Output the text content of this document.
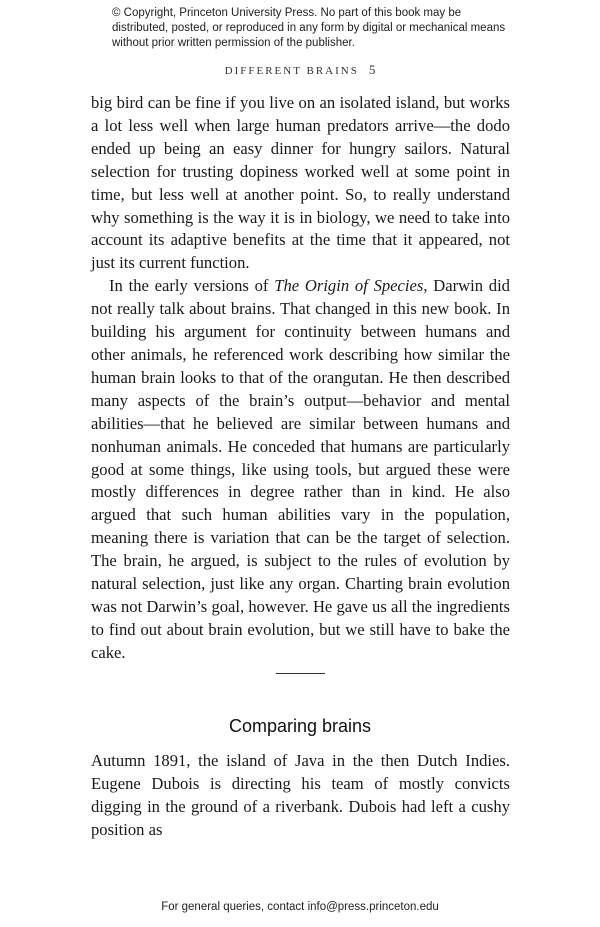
© Copyright, Princeton University Press. No part of this book may be distributed, posted, or reproduced in any form by digital or mechanical means without prior written permission of the publisher.
DIFFERENT BRAINS 5

big bird can be fine if you live on an isolated island, but works a lot less well when large human predators arrive—the dodo ended up being an easy dinner for hungry sailors. Natural selection for trusting dopiness worked well at some point in time, but less well at another point. So, to really understand why something is the way it is in biology, we need to take into account its adaptive benefits at the time that it appeared, not just its current function.

In the early versions of The Origin of Species, Darwin did not really talk about brains. That changed in this new book. In building his argument for continuity between humans and other animals, he referenced work describing how similar the human brain looks to that of the orangutan. He then described many aspects of the brain’s output—behavior and mental abilities—that he believed are similar between humans and nonhuman animals. He conceded that humans are particularly good at some things, like using tools, but argued these were mostly differences in degree rather than in kind. He also argued that such human abilities vary in the population, meaning there is variation that can be the target of selection. The brain, he argued, is subject to the rules of evolution by natural selection, just like any organ. Charting brain evolution was not Darwin’s goal, however. He gave us all the ingredients to find out about brain evolution, but we still have to bake the cake.

Comparing brains

Autumn 1891, the island of Java in the then Dutch Indies. Eugene Dubois is directing his team of mostly convicts digging in the ground of a riverbank. Dubois had left a cushy position as

For general queries, contact info@press.princeton.edu
